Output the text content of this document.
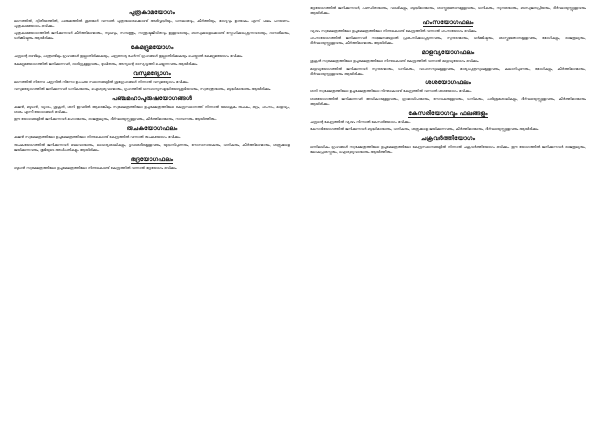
പുത്രകാമയോഗം

ലഗ്നത്തിൽ, ദ്വിതീയത്തിൽ, പഞ്ചമത്തിൽ ശുഭന്മാർ വന്നാൽ പുത്രന്മാരെക്കൊണ്ട് അഭിവൃദ്ധിയും, ധനലാഭവും, കീർത്തിയും, ഭാഗ്യവും ഉണ്ടാകും എന്ന് ഫലം പറയണം. പുത്രകാമയോഗം ഭവിക്കും.

പുത്രകാമയോഗത്തിൽ ജനിക്കുന്നവർ കീർത്തിമാന്മാരും, സുഖവും, സമ്പത്തും, സന്തുഷ്ടജീവിതവും ഉള്ളവരായും, ബന്ധുക്കളെക്കൊണ്ട് സ്നേഹിക്കപ്പെടുന്നവരായും, ദാനശീലരും, ധർമ്മിഷ്ഠരും ആയിരിക്കും.

കേമദ്രുമയോഗം

ചന്ദ്രന്റെ രണ്ടിലും, പന്ത്രണ്ടിലും ഗ്രഹങ്ങൾ ഇല്ലാതിരിക്കുകയും, ചന്ദ്രനോടു ചേർന്ന് ഗ്രഹങ്ങൾ ഇല്ലാതിരിക്കുകയും ചെയ്താൽ കേമദ്രുമയോഗം ഭവിക്കും.

കേമദ്രുമയോഗത്തിൽ ജനിക്കുന്നവർ, ദാരിദ്ര്യമുള്ളവരും, ദുഃഖിതരും, അന്യന്റെ ദാസ്യവൃത്തി ചെയ്യുന്നവരും ആയിരിക്കും.

വസുമദ്യോഗം

ലഗ്നത്തിൽ നിന്നോ ചന്ദ്രനിൽ നിന്നോ ഉപചയ സ്ഥാനങ്ങളിൽ ശുഭഗ്രഹങ്ങൾ നിന്നാൽ വസുമദ്യോഗം ഭവിക്കും.

വസുമദ്യോഗത്തിൽ ജനിക്കുന്നവർ ധനികന്മാരും, ഐശ്വര്യവാന്മാരും, ഗൃഹത്തിൽ ധനധാന്യസമൃദ്ധിയോടുകൂടിയവരും, സ്വതന്ത്രന്മാരും, ബുദ്ധിമാന്മാരും ആയിരിക്കും.

പഞ്ചമഹാപുരുഷയോഗങ്ങൾ

കുജൻ, ബുധൻ, വ്യാഴം, ശുക്രൻ, ശനി ഇവരിൽ ആരെങ്കിലും സ്വക്ഷേത്രത്തിലോ ഉച്ചക്ഷേത്രത്തിലോ കേന്ദ്രസ്ഥാനത്ത് നിന്നാൽ യഥാക്രമം രുചകം, ഭദ്രം, ഹംസം, മാളവ്യം, ശശം എന്നീ യോഗങ്ങൾ ഭവിക്കും.

ഈ യോഗങ്ങളിൽ ജനിക്കുന്നവർ മഹാന്മാരും, രാജതുല്യരും, ദീർഘായുസ്സുള്ളവരും, കീർത്തിമാന്മാരും, സമ്പന്നരും ആയിത്തീരും.

രുചകയോഗഫലം

കുജൻ സ്വക്ഷേത്രത്തിലോ ഉച്ചക്ഷേത്രത്തിലോ നിന്നുകൊണ്ട് കേന്ദ്രത്തിൽ വന്നാൽ രുചകയോഗം ഭവിക്കും.

രുചകയോഗത്തിൽ ജനിക്കുന്നവർ ബലവാന്മാരും, ധൈര്യശാലികളും, ദൃഢശരീരമുള്ളവരും, യുദ്ധനിപുണരും, സേനാനായകരും, ധനികരും, കീർത്തിമാന്മാരും, ശത്രുക്കളെ ജയിക്കുന്നവരും, ഭൂമിയുടെ അധിപതികളും ആയിരിക്കും.

ഭദ്രയോഗഫലം

ബുധൻ സ്വക്ഷേത്രത്തിലോ ഉച്ചക്ഷേത്രത്തിലോ നിന്നുകൊണ്ട് കേന്ദ്രത്തിൽ വന്നാൽ ഭദ്രയോഗം ഭവിക്കും.

ഭദ്രയോഗത്തിൽ ജനിക്കുന്നവർ, പണ്ഡിതന്മാരും, വാഗ്മികളും, ബുദ്ധിമാന്മാരും, ശാസ്ത്രജ്ഞാനമുള്ളവരും, ധനികരും, സുന്ദരന്മാരും, ബന്ധുജനപ്രിയരും, ദീർഘായുസ്സുള്ളവരും ആയിരിക്കും.

ഹംസയോഗഫലം

വ്യാഴം സ്വക്ഷേത്രത്തിലോ ഉച്ചക്ഷേത്രത്തിലോ നിന്നുകൊണ്ട് കേന്ദ്രത്തിൽ വന്നാൽ ഹംസയോഗം ഭവിക്കും.

ഹംസയോഗത്തിൽ ജനിക്കുന്നവർ സജ്ജനങ്ങളാൽ പ്രശംസിക്കപ്പെടുന്നവരും, സുന്ദരന്മാരും, ധർമ്മിഷ്ഠരും, ശാസ്ത്രജ്ഞാനമുള്ളവരും, ഭോഗികളും, രാജതുല്യരും, ദീർഘായുസ്സുള്ളവരും, കീർത്തിമാന്മാരും ആയിരിക്കും.

മാളവ്യയോഗഫലം

ശുക്രൻ സ്വക്ഷേത്രത്തിലോ ഉച്ചക്ഷേത്രത്തിലോ നിന്നുകൊണ്ട് കേന്ദ്രത്തിൽ വന്നാൽ മാളവ്യയോഗം ഭവിക്കും.

മാളവ്യയോഗത്തിൽ ജനിക്കുന്നവർ സുന്ദരന്മാരും, ധനികരും, വാഹനസുഖമുള്ളവരും, ഭാര്യാപുത്രസുഖമുള്ളവരും, കലാനിപുണരും, ഭോഗികളും, കീർത്തിമാന്മാരും, ദീർഘായുസ്സുള്ളവരും ആയിരിക്കും.

ശശയോഗഫലം

ശനി സ്വക്ഷേത്രത്തിലോ ഉച്ചക്ഷേത്രത്തിലോ നിന്നുകൊണ്ട് കേന്ദ്രത്തിൽ വന്നാൽ ശശയോഗം ഭവിക്കും.

ശശയോഗത്തിൽ ജനിക്കുന്നവർ അധികാരമുള്ളവരും, ഗ്രാമാധിപന്മാരും, സേവകരുള്ളവരും, ധനികരും, പരിശ്രമശാലികളും, ദീർഘായുസ്സുള്ളവരും, കീർത്തിമാന്മാരും ആയിരിക്കും.

കേസരിയോഗവും ഫലങ്ങളും

ചന്ദ്രന്റെ കേന്ദ്രത്തിൽ വ്യാഴം നിന്നാൽ കേസരിയോഗം ഭവിക്കും.

കേസരിയോഗത്തിൽ ജനിക്കുന്നവർ ബുദ്ധിമാന്മാരും, ധനികരും, ശത്രുക്കളെ ജയിക്കുന്നവരും, കീർത്തിമാന്മാരും, ദീർഘായുസ്സുള്ളവരും ആയിരിക്കും.

ചക്രവർത്തിയോഗം

ഒന്നിലധികം ഗ്രഹങ്ങൾ സ്വക്ഷേത്രത്തിലോ ഉച്ചക്ഷേത്രത്തിലോ കേന്ദ്രസ്ഥാനങ്ങളിൽ നിന്നാൽ ചക്രവർത്തിയോഗം ഭവിക്കും. ഈ യോഗത്തിൽ ജനിക്കുന്നവർ രാജതുല്യരും, ലോകപ്രശസ്തരും, ഐശ്വര്യവാന്മാരും ആയിത്തീരും.
